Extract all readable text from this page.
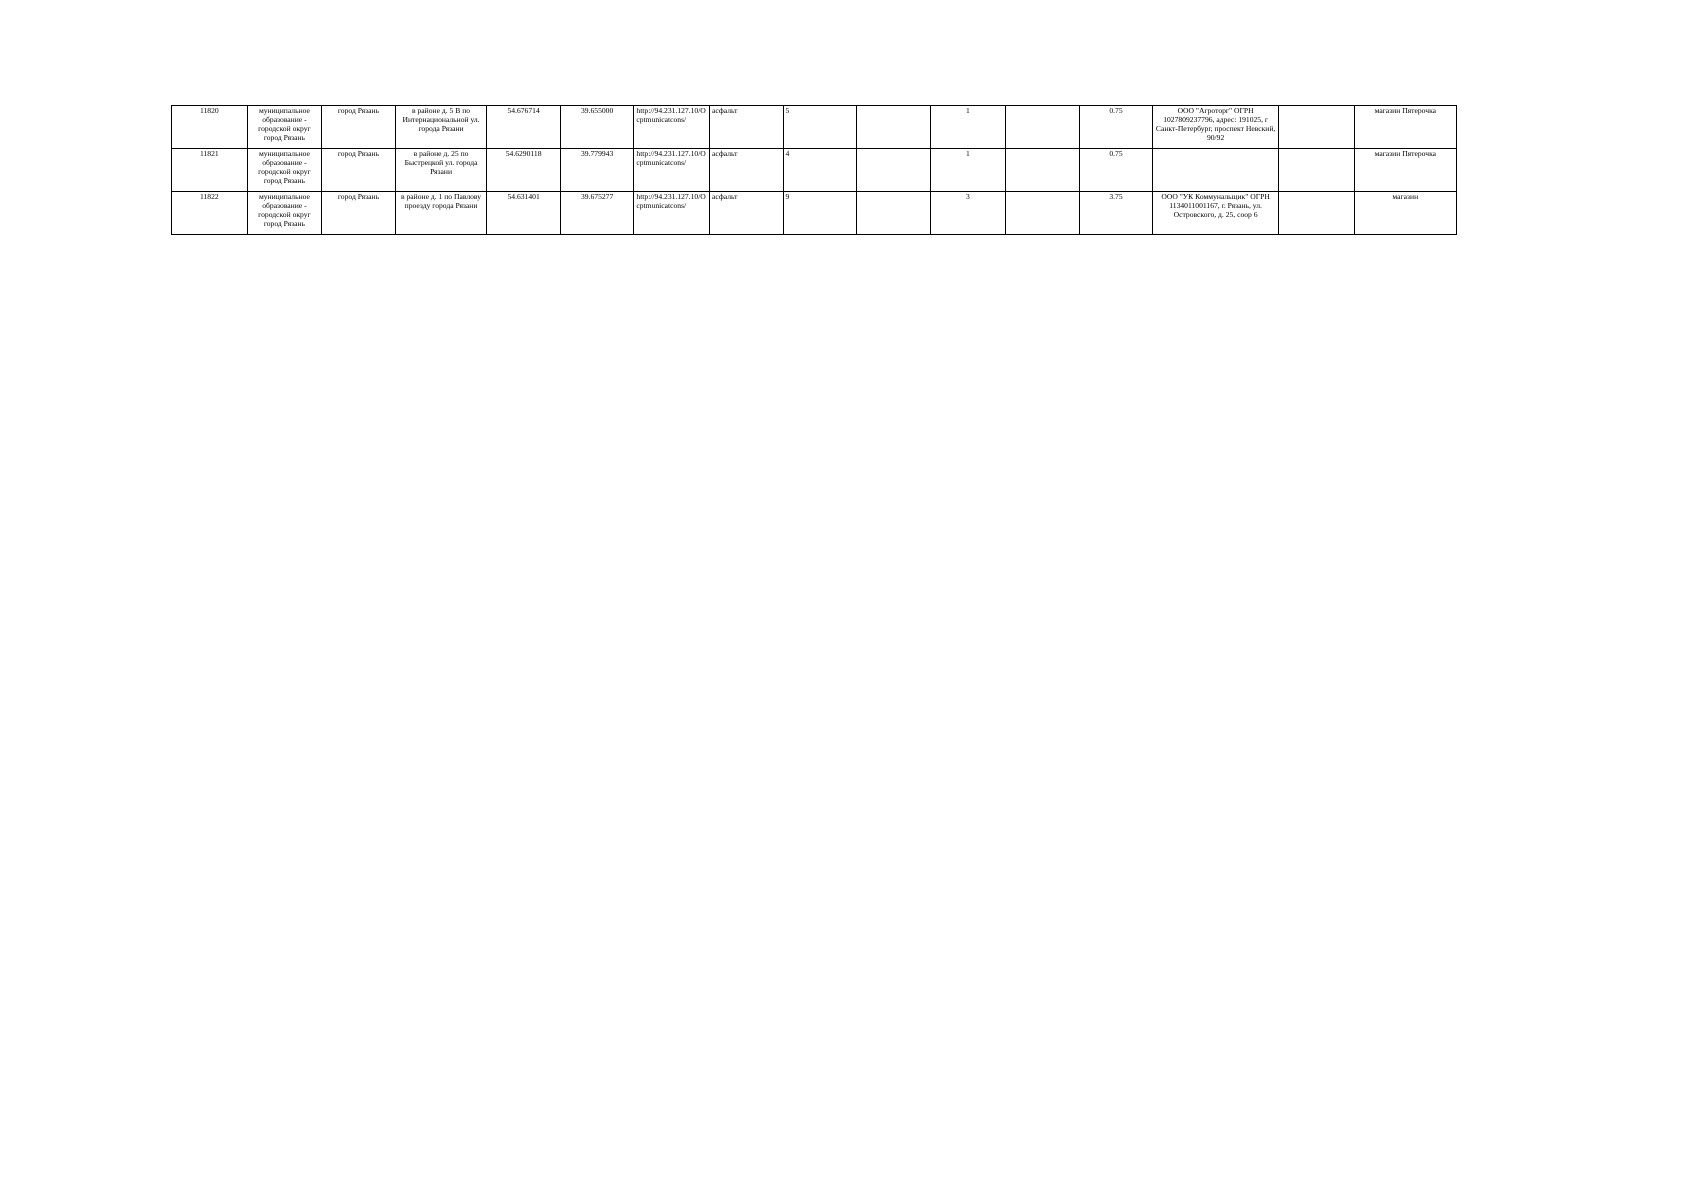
11820	муниципальное образование - городской округ город Рязань	город Рязань	в районе д. 5 В по Интернациональной ул. города Рязани	54.676714	39.655000	http://94.231.127.10/Ocptmunicatcons/	асфальт	5		1		0.75	ООО "Агроторг" ОГРН 1027809237796, адрес: 191025, г Санкт-Петербург, проспект Невский, 90/92		магазин Пятерочка
11821	муниципальное образование - городской округ город Рязань	город Рязань	в районе д. 25 по Быстрецкой ул. города Рязани	54.6290118	39.779943	http://94.231.127.10/Ocptmunicatcons/	асфальт	4		1		0.75			магазин Пятерочка
11822	муниципальное образование - городской округ город Рязань	город Рязань	в районе д. 1 по Павлову проезду города Рязани	54.631401	39.675277	http://94.231.127.10/Ocptmunicatcons/	асфальт	9		3		3.75	ООО "УК Коммунальщик" ОГРН 1134011001167, г. Рязань, ул. Островского, д. 25, соор 6		магазин
